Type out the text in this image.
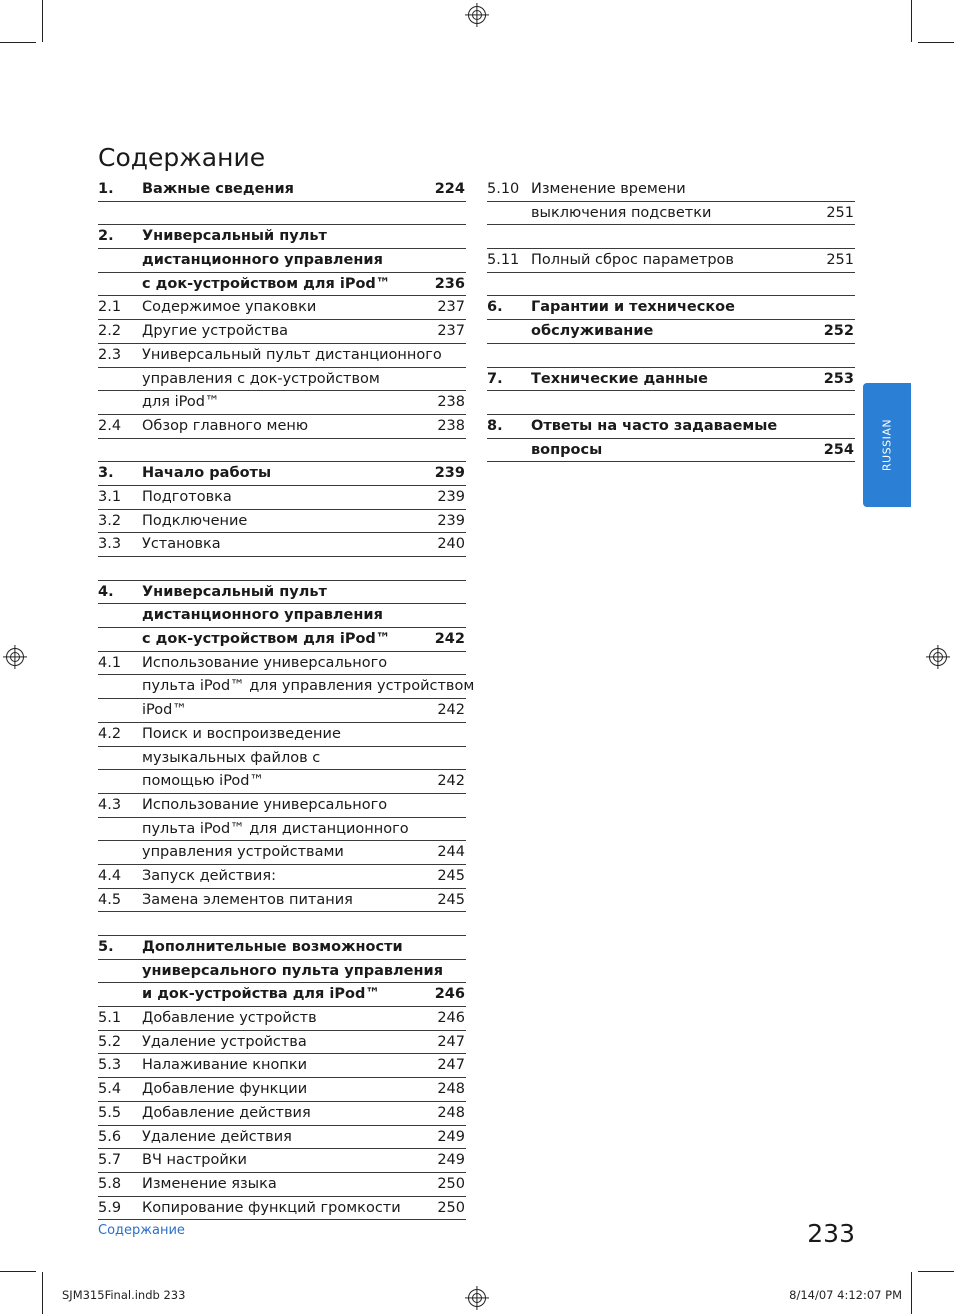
Содержание
1. Важные сведения	224
2. Универсальный пульт
дистанционного управления
с док-устройством для iPod™	236
2.1 Содержимое упаковки	237
2.2 Другие устройства	237
2.3 Универсальный пульт дистанционного
управления с док-устройством
для iPod™	238
2.4 Обзор главного меню	238
3. Начало работы	239
3.1 Подготовка	239
3.2 Подключение	239
3.3 Установка	240
4. Универсальный пульт
дистанционного управления
с док-устройством для iPod™	242
4.1 Использование универсального
пульта iPod™ для управления устройством
iPod™	242
4.2 Поиск и воспроизведение
музыкальных файлов с
помощью iPod™	242
4.3 Использование универсального
пульта iPod™ для дистанционного
управления устройствами	244
4.4 Запуск действия:	245
4.5 Замена элементов питания	245
5. Дополнительные возможности
универсального пульта управления
и док-устройства для iPod™	246
5.1 Добавление устройств	246
5.2 Удаление устройства	247
5.3 Налаживание кнопки	247
5.4 Добавление функции	248
5.5 Добавление действия	248
5.6 Удаление действия	249
5.7 ВЧ настройки	249
5.8 Изменение языка	250
5.9 Копирование функций громкости	250
5.10 Изменение времени
выключения подсветки	251
5.11 Полный сброс параметров	251
6. Гарантии и техническое
обслуживание	252
7. Технические данные	253
8. Ответы на часто задаваемые
вопросы	254 RUSSIAN
Содержание	233
SJM315Final.indb 233	8/14/07 4:12:07 PM
